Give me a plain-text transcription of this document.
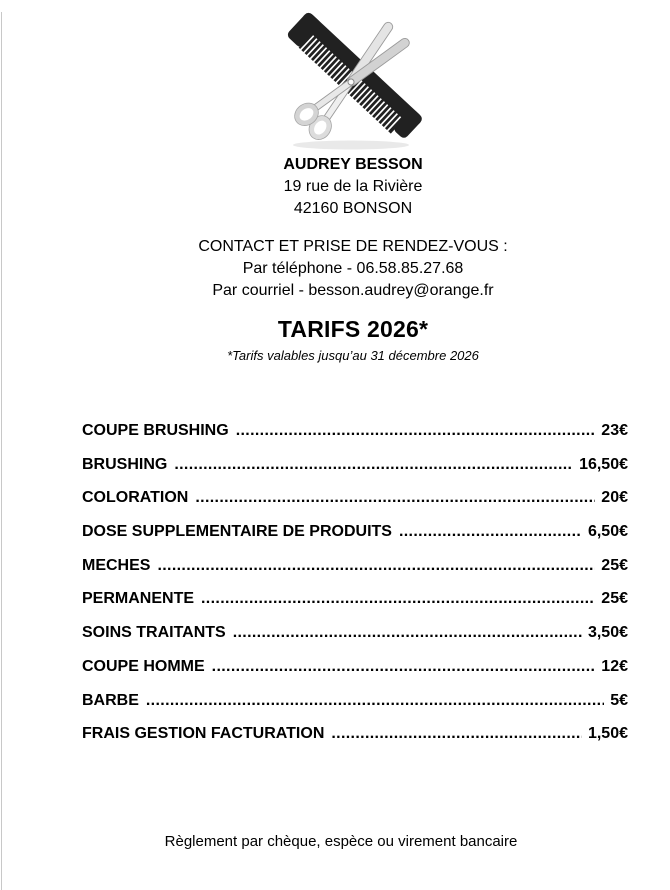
AUDREY BESSON
19 rue de la Rivière
42160 BONSON
CONTACT ET PRISE DE RENDEZ-VOUS :
Par téléphone - 06.58.85.27.68
Par courriel - besson.audrey@orange.fr
TARIFS 2026*
*Tarifs valables jusqu’au 31 décembre 2026
COUPE BRUSHING .....	23€
BRUSHING .....	16,50€
COLORATION .....	20€
DOSE SUPPLEMENTAIRE DE PRODUITS .....	6,50€
MECHES .....	25€
PERMANENTE .....	25€
SOINS TRAITANTS .....	3,50€
COUPE HOMME .....	12€
BARBE .....	5€
FRAIS GESTION FACTURATION .....	1,50€
Règlement par chèque, espèce ou virement bancaire
